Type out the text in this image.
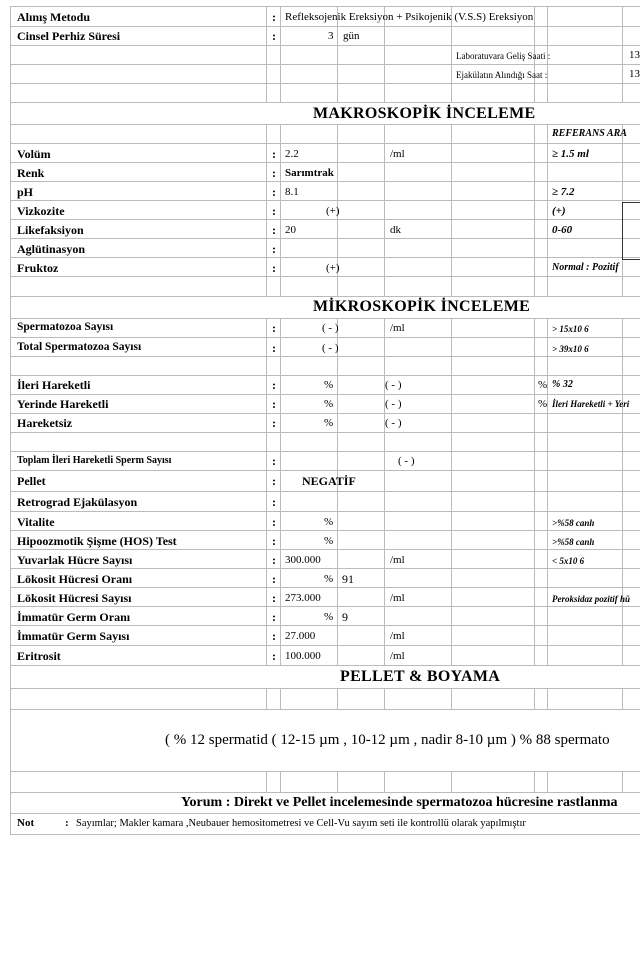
Alınış Metodu	: Refleksojenik Ereksiyon + Psikojenik (V.S.S) Ereksiyon
Cinsel Perhiz Süresi	:	3 gün
Laboratuvara Geliş Saati :	13
Ejakülatın Alındığı Saat :	13
MAKROSKOPİK İNCELEME
REFERANS ARA
Volüm	: 2.2	/ml	≥ 1.5 ml
Renk	: Sarımtrak
pH	: 8.1	≥ 7.2
Vizkozite	:	(+)	(+)
Likefaksiyon	: 20	dk	0-60
Aglütinasyon	:
Fruktoz	:	(+)	Normal : Pozitif
MİKROSKOPİK İNCELEME
Spermatozoa Sayısı	:	( - )	/ml	> 15x10 6
Total Spermatozoa Sayısı	:	( - )	> 39x10 6
İleri Hareketli	:	%	( - )	% % 32
Yerinde Hareketli	:	%	( - )	% İleri Hareketli + Yeri
Hareketsiz	:	%	( - )
Toplam İleri Hareketli Sperm Sayısı	:	( - )
Pellet	: NEGATİF
Retrograd Ejakülasyon	:
Vitalite	:	%	>%58 canlı
Hipoozmotik Şişme (HOS) Test	:	%	>%58 canlı
Yuvarlak Hücre Sayısı	: 300.000	/ml	< 5x10 6
Lökosit Hücresi Oranı	:	% 91
Lökosit Hücresi Sayısı	: 273.000	/ml	Peroksidaz pozitif hü
İmmatür Germ Oranı	:	% 9
İmmatür Germ Sayısı	: 27.000	/ml
Eritrosit	: 100.000	/ml
PELLET & BOYAMA
( % 12 spermatid ( 12-15 µm , 10-12 µm , nadir 8-10 µm ) % 88 spermato
Yorum : Direkt ve Pellet incelemesinde spermatozoa hücresine rastlanma
Not	: Sayımlar; Makler kamara ,Neubauer hemositometresi ve Cell-Vu sayım seti ile kontrollü olarak yapılmıştır
